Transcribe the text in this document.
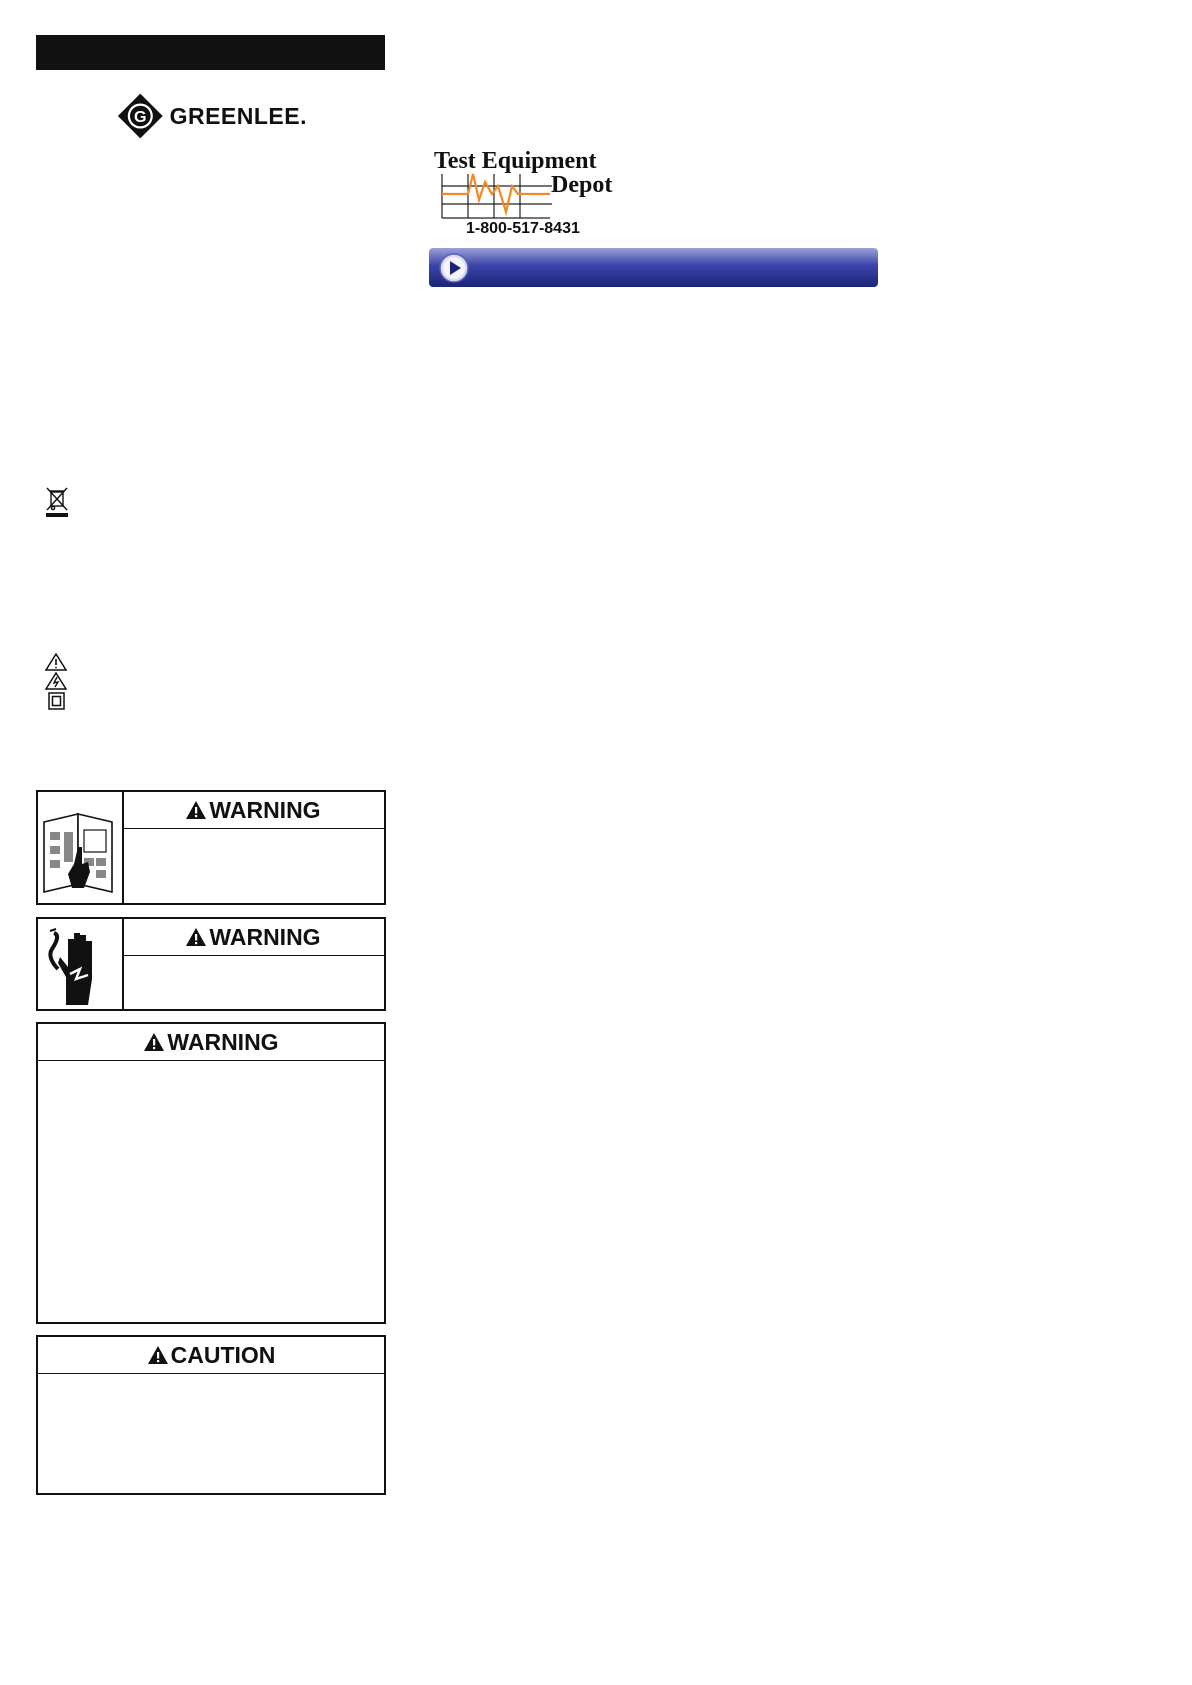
G GREENLEE.
Test Equipment
Depot
1-800-517-8431
WARNING
WARNING
WARNING
CAUTION
